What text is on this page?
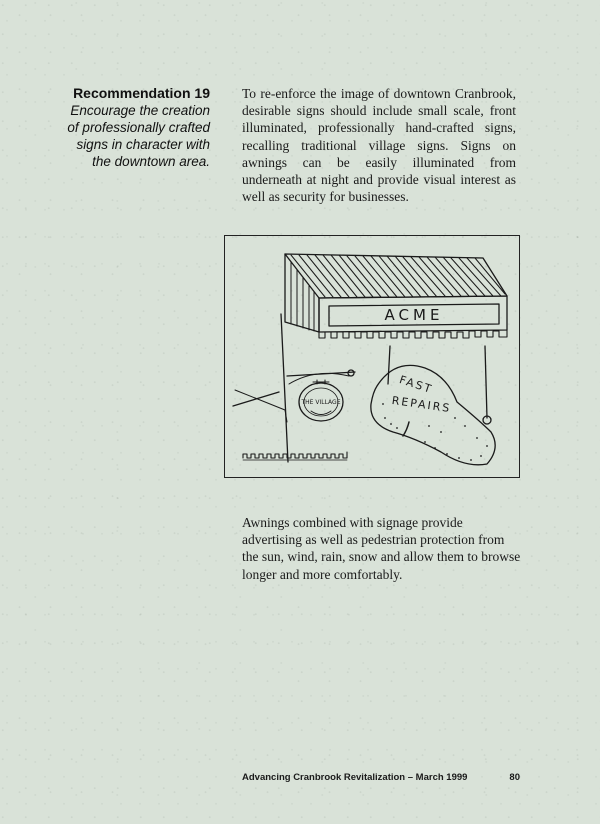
Recommendation 19
Encourage the creation
of professionally crafted
signs in character with
the downtown area.

To re-enforce the image of downtown Cranbrook, desirable signs should include small scale, front illuminated, professionally hand-crafted signs, recalling traditional village signs. Signs on awnings can be easily illuminated from underneath at night and provide visual interest as well as security for businesses.

ACME
THE VILLAGE
FAST
REPAIRS

Awnings combined with signage provide advertising as well as pedestrian protection from the sun, wind, rain, snow and allow them to browse longer and more comfortably.

Advancing Cranbrook Revitalization – March 1999	80
